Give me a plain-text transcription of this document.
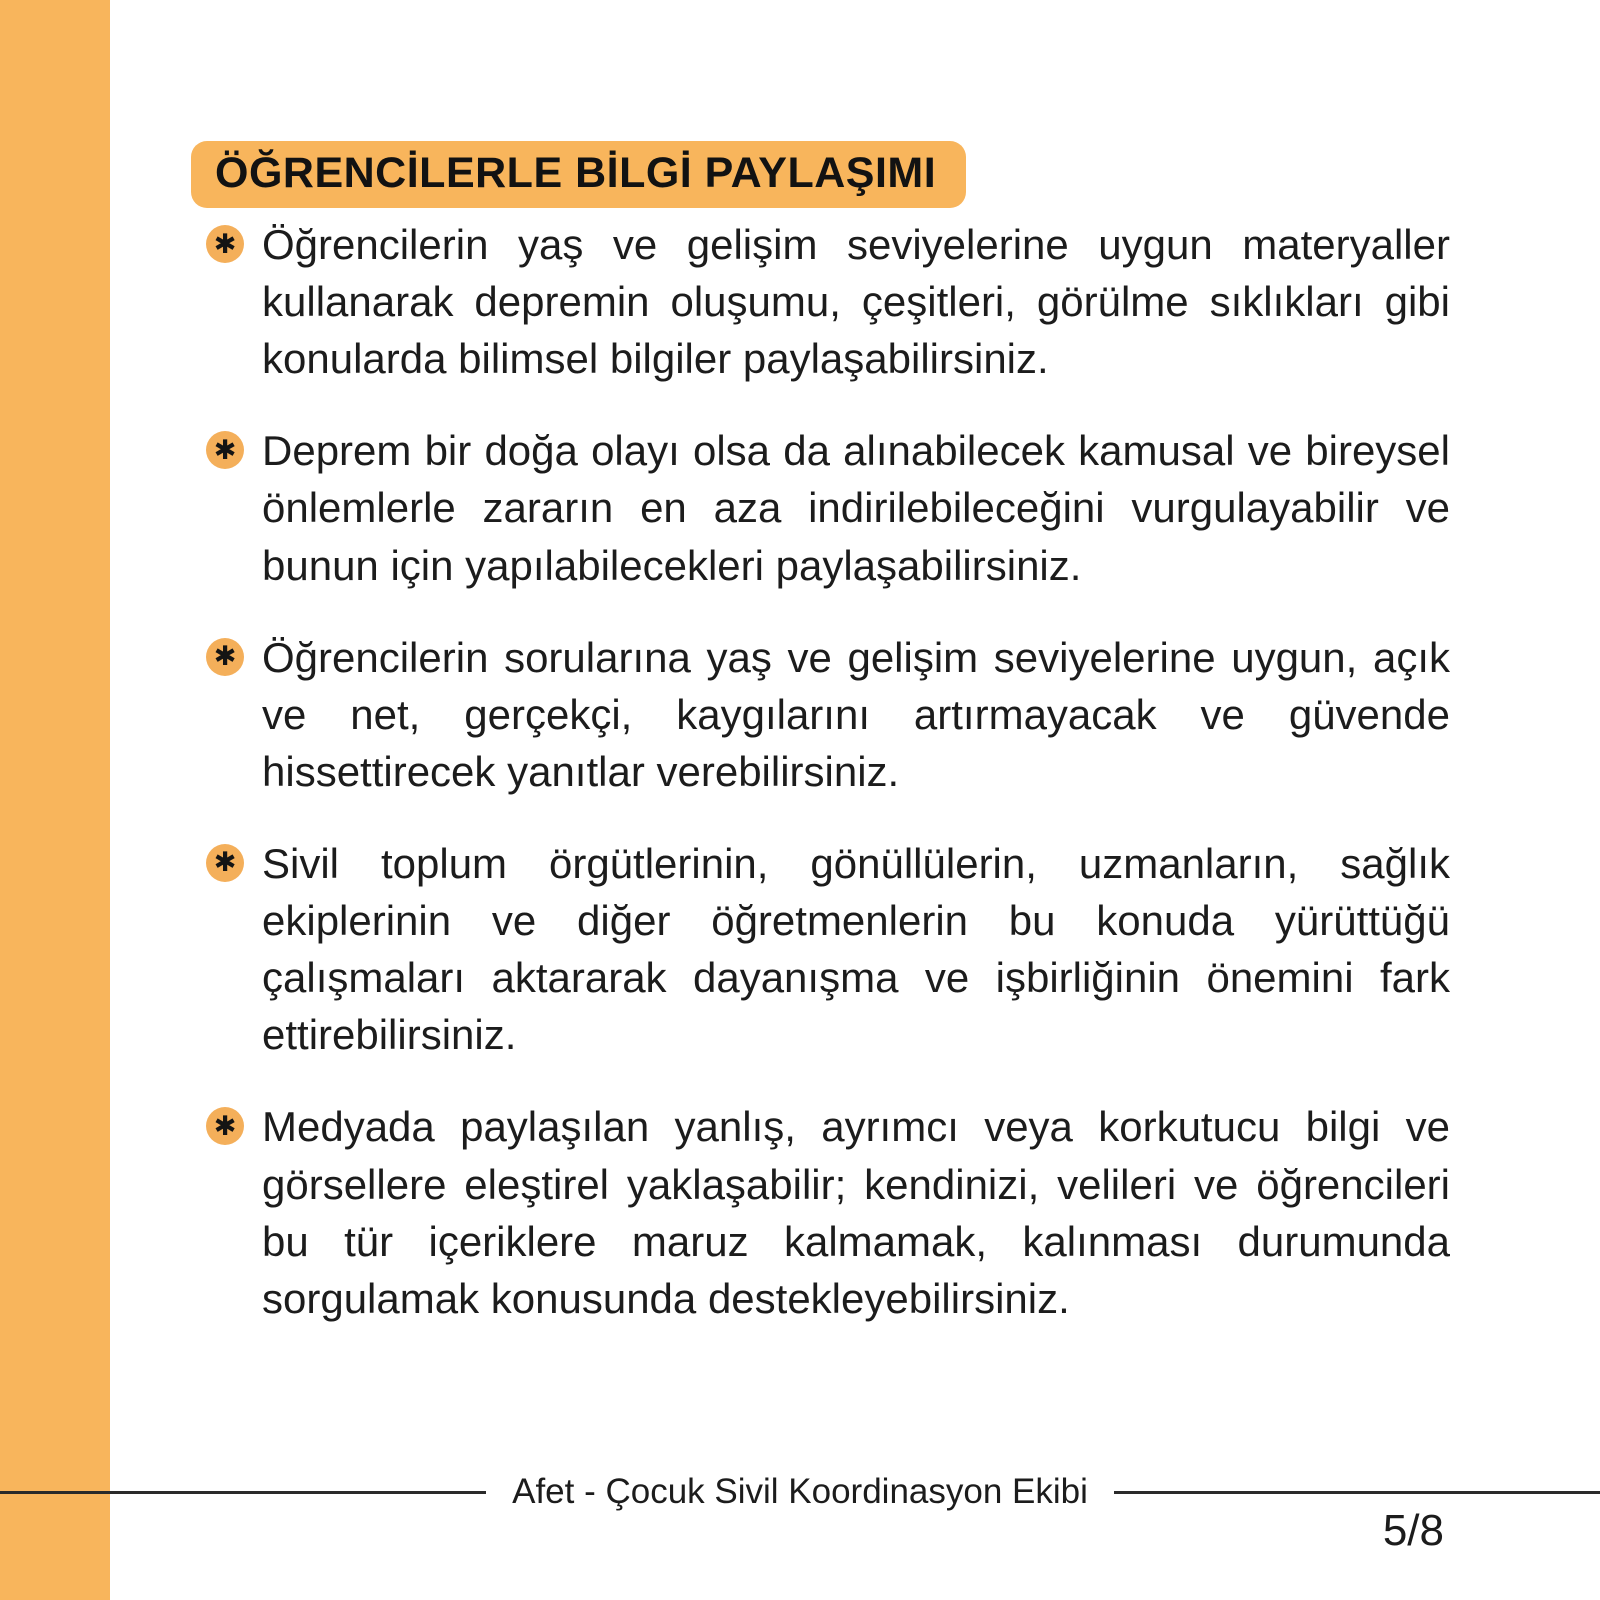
ÖĞRENCİLERLE BİLGİ PAYLAŞIMI
✱ Öğrencilerin yaş ve gelişim seviyelerine uygun materyaller kullanarak depremin oluşumu, çeşitleri, görülme sıklıkları gibi konularda bilimsel bilgiler paylaşabilirsiniz.

✱ Deprem bir doğa olayı olsa da alınabilecek kamusal ve bireysel önlemlerle zararın en aza indirilebileceğini vurgulayabilir ve bunun için yapılabilecekleri paylaşabilirsiniz.

✱ Öğrencilerin sorularına yaş ve gelişim seviyelerine uygun, açık ve net, gerçekçi, kaygılarını artırmayacak ve güvende hissettirecek yanıtlar verebilirsiniz.

✱ Sivil toplum örgütlerinin, gönüllülerin, uzmanların, sağlık ekiplerinin ve diğer öğretmenlerin bu konuda yürüttüğü çalışmaları aktararak dayanışma ve işbirliğinin önemini fark ettirebilirsiniz.

✱ Medyada paylaşılan yanlış, ayrımcı veya korkutucu bilgi ve görsellere eleştirel yaklaşabilir; kendinizi, velileri ve öğrencileri bu tür içeriklere maruz kalmamak, kalınması durumunda sorgulamak konusunda destekleyebilirsiniz.

Afet - Çocuk Sivil Koordinasyon Ekibi
5/8
